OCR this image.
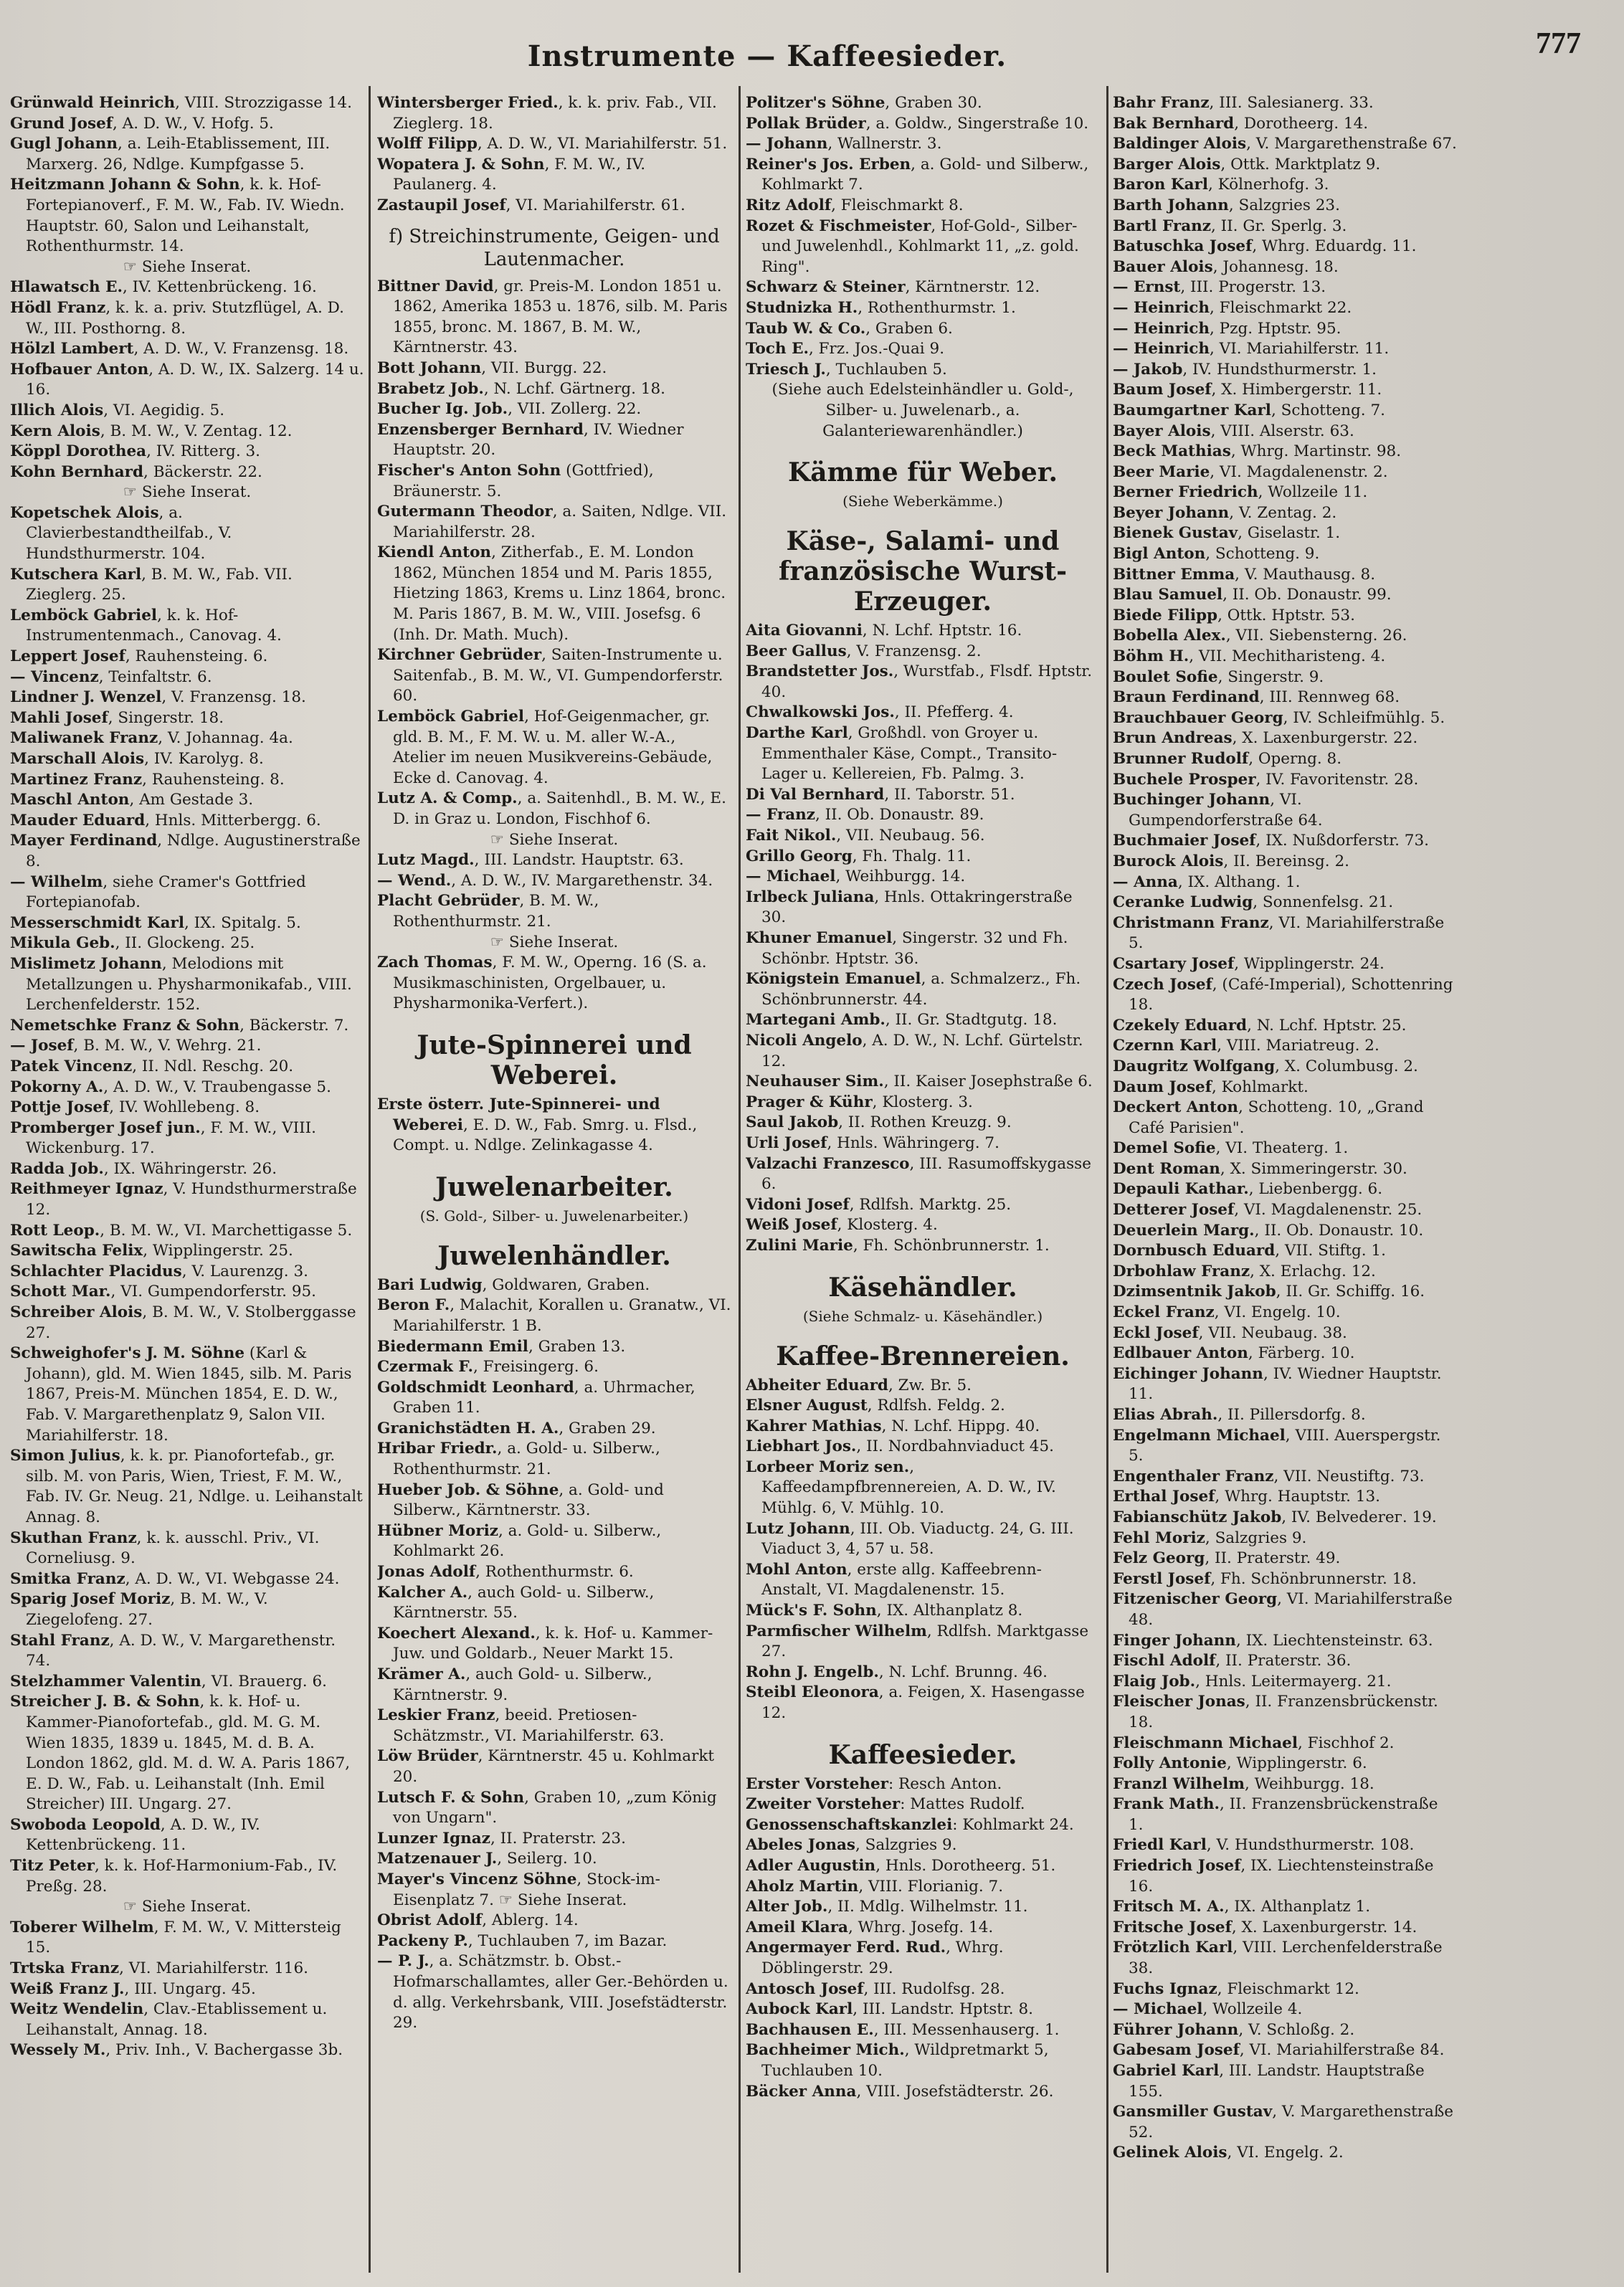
Instrumente — Kaffeesieder.	777
Grünwald Heinrich, VIII. Strozzigasse 14.
Grund Josef, A. D. W., V. Hofg. 5.
Gugl Johann, a. Leih-Etablissement, III. Marxerg. 26, Ndlge. Kumpfgasse 5.
Heitzmann Johann & Sohn, k. k. Hof-Fortepianoverf., F. M. W., Fab. IV. Wiedn. Hauptstr. 60, Salon und Leihanstalt, Rothenthurmstr. 14.
☞ Siehe Inserat.
Hlawatsch E., IV. Kettenbrückeng. 16.
Hödl Franz, k. k. a. priv. Stutzflügel, A. D. W., III. Posthorng. 8.
Hölzl Lambert, A. D. W., V. Franzensg. 18.
Hofbauer Anton, A. D. W., IX. Salzerg. 14 u. 16.
Illich Alois, VI. Aegidig. 5.
Kern Alois, B. M. W., V. Zentag. 12.
Köppl Dorothea, IV. Ritterg. 3.
Kohn Bernhard, Bäckerstr. 22.
☞ Siehe Inserat.
Kopetschek Alois, a. Clavierbestandtheilfab., V. Hundsthurmerstr. 104.
Kutschera Karl, B. M. W., Fab. VII. Zieglerg. 25.
Lemböck Gabriel, k. k. Hof-Instrumentenmach., Canovag. 4.
Leppert Josef, Rauhensteing. 6.
— Vincenz, Teinfaltstr. 6.
Lindner J. Wenzel, V. Franzensg. 18.
Mahli Josef, Singerstr. 18.
Maliwanek Franz, V. Johannag. 4a.
Marschall Alois, IV. Karolyg. 8.
Martinez Franz, Rauhensteing. 8.
Maschl Anton, Am Gestade 3.
Mauder Eduard, Hnls. Mitterbergg. 6.
Mayer Ferdinand, Ndlge. Augustinerstraße 8.
— Wilhelm, siehe Cramer's Gottfried Fortepianofab.
Messerschmidt Karl, IX. Spitalg. 5.
Mikula Geb., II. Glockeng. 25.
Mislimetz Johann, Melodions mit Metallzungen u. Physharmonikafab., VIII. Lerchenfelderstr. 152.
Nemetschke Franz & Sohn, Bäckerstr. 7.
— Josef, B. M. W., V. Wehrg. 21.
Patek Vincenz, II. Ndl. Reschg. 20.
Pokorny A., A. D. W., V. Traubengasse 5.
Pottje Josef, IV. Wohllebeng. 8.
Promberger Josef jun., F. M. W., VIII. Wickenburg. 17.
Radda Job., IX. Währingerstr. 26.
Reithmeyer Ignaz, V. Hundsthurmerstraße 12.
Rott Leop., B. M. W., VI. Marchettigasse 5.
Sawitscha Felix, Wipplingerstr. 25.
Schlachter Placidus, V. Laurenzg. 3.
Schott Mar., VI. Gumpendorferstr. 95.
Schreiber Alois, B. M. W., V. Stolberggasse 27.
Schweighofer's J. M. Söhne (Karl & Johann), gld. M. Wien 1845, silb. M. Paris 1867, Preis-M. München 1854, E. D. W., Fab. V. Margarethenplatz 9, Salon VII. Mariahilferstr. 18.
Simon Julius, k. k. pr. Pianofortefab., gr. silb. M. von Paris, Wien, Triest, F. M. W., Fab. IV. Gr. Neug. 21, Ndlge. u. Leihanstalt Annag. 8.
Skuthan Franz, k. k. ausschl. Priv., VI. Corneliusg. 9.
Smitka Franz, A. D. W., VI. Webgasse 24.
Sparig Josef Moriz, B. M. W., V. Ziegelofeng. 27.
Stahl Franz, A. D. W., V. Margarethenstr. 74.
Stelzhammer Valentin, VI. Brauerg. 6.
Streicher J. B. & Sohn, k. k. Hof- u. Kammer-Pianofortefab., gld. M. G. M. Wien 1835, 1839 u. 1845, M. d. B. A. London 1862, gld. M. d. W. A. Paris 1867, E. D. W., Fab. u. Leihanstalt (Inh. Emil Streicher) III. Ungarg. 27.
Swoboda Leopold, A. D. W., IV. Kettenbrückeng. 11.
Titz Peter, k. k. Hof-Harmonium-Fab., IV. Preßg. 28.
☞ Siehe Inserat.
Toberer Wilhelm, F. M. W., V. Mittersteig 15.
Trtska Franz, VI. Mariahilferstr. 116.
Weiß Franz J., III. Ungarg. 45.
Weitz Wendelin, Clav.-Etablissement u. Leihanstalt, Annag. 18.
Wessely M., Priv. Inh., V. Bachergasse 3b.
Wintersberger Fried., k. k. priv. Fab., VII. Zieglerg. 18.
Wolff Filipp, A. D. W., VI. Mariahilferstr. 51.
Wopatera J. & Sohn, F. M. W., IV. Paulanerg. 4.
Zastaupil Josef, VI. Mariahilferstr. 61.
f) Streichinstrumente, Geigen- und Lautenmacher.
Bittner David, gr. Preis-M. London 1851 u. 1862, Amerika 1853 u. 1876, silb. M. Paris 1855, bronc. M. 1867, B. M. W., Kärntnerstr. 43.
Bott Johann, VII. Burgg. 22.
Brabetz Job., N. Lchf. Gärtnerg. 18.
Bucher Ig. Job., VII. Zollerg. 22.
Enzensberger Bernhard, IV. Wiedner Hauptstr. 20.
Fischer's Anton Sohn (Gottfried), Bräunerstr. 5.
Gutermann Theodor, a. Saiten, Ndlge. VII. Mariahilferstr. 28.
Kiendl Anton, Zitherfab., E. M. London 1862, München 1854 und M. Paris 1855, Hietzing 1863, Krems u. Linz 1864, bronc. M. Paris 1867, B. M. W., VIII. Josefsg. 6 (Inh. Dr. Math. Much).
Kirchner Gebrüder, Saiten-Instrumente u. Saitenfab., B. M. W., VI. Gumpendorferstr. 60.
Lemböck Gabriel, Hof-Geigenmacher, gr. gld. B. M., F. M. W. u. M. aller W.-A., Atelier im neuen Musikvereins-Gebäude, Ecke d. Canovag. 4.
Lutz A. & Comp., a. Saitenhdl., B. M. W., E. D. in Graz u. London, Fischhof 6.
☞ Siehe Inserat.
Lutz Magd., III. Landstr. Hauptstr. 63.
— Wend., A. D. W., IV. Margarethenstr. 34.
Placht Gebrüder, B. M. W., Rothenthurmstr. 21.
☞ Siehe Inserat.
Zach Thomas, F. M. W., Operng. 16 (S. a. Musikmaschinisten, Orgelbauer, u. Physharmonika-Verfert.).
Jute-Spinnerei und Weberei.
Erste österr. Jute-Spinnerei- und Weberei, E. D. W., Fab. Smrg. u. Flsd., Compt. u. Ndlge. Zelinkagasse 4.
Juwelenarbeiter.
(S. Gold-, Silber- u. Juwelenarbeiter.)
Juwelenhändler.
Bari Ludwig, Goldwaren, Graben.
Beron F., Malachit, Korallen u. Granatw., VI. Mariahilferstr. 1 B.
Biedermann Emil, Graben 13.
Czermak F., Freisingerg. 6.
Goldschmidt Leonhard, a. Uhrmacher, Graben 11.
Granichstädten H. A., Graben 29.
Hribar Friedr., a. Gold- u. Silberw., Rothenthurmstr. 21.
Hueber Job. & Söhne, a. Gold- und Silberw., Kärntnerstr. 33.
Hübner Moriz, a. Gold- u. Silberw., Kohlmarkt 26.
Jonas Adolf, Rothenthurmstr. 6.
Kalcher A., auch Gold- u. Silberw., Kärntnerstr. 55.
Koechert Alexand., k. k. Hof- u. Kammer-Juw. und Goldarb., Neuer Markt 15.
Krämer A., auch Gold- u. Silberw., Kärntnerstr. 9.
Leskier Franz, beeid. Pretiosen-Schätzmstr., VI. Mariahilferstr. 63.
Löw Brüder, Kärntnerstr. 45 u. Kohlmarkt 20.
Lutsch F. & Sohn, Graben 10, „zum König von Ungarn".
Lunzer Ignaz, II. Praterstr. 23.
Matzenauer J., Seilerg. 10.
Mayer's Vincenz Söhne, Stock-im-Eisenplatz 7. ☞ Siehe Inserat.
Obrist Adolf, Ablerg. 14.
Packeny P., Tuchlauben 7, im Bazar.
— P. J., a. Schätzmstr. b. Obst.-Hofmarschallamtes, aller Ger.-Behörden u. d. allg. Verkehrsbank, VIII. Josefstädterstr. 29.
Politzer's Söhne, Graben 30.
Pollak Brüder, a. Goldw., Singerstraße 10.
— Johann, Wallnerstr. 3.
Reiner's Jos. Erben, a. Gold- und Silberw., Kohlmarkt 7.
Ritz Adolf, Fleischmarkt 8.
Rozet & Fischmeister, Hof-Gold-, Silber- und Juwelenhdl., Kohlmarkt 11, „z. gold. Ring".
Schwarz & Steiner, Kärntnerstr. 12.
Studnizka H., Rothenthurmstr. 1.
Taub W. & Co., Graben 6.
Toch E., Frz. Jos.-Quai 9.
Triesch J., Tuchlauben 5.
(Siehe auch Edelsteinhändler u. Gold-, Silber- u. Juwelenarb., a. Galanteriewarenhändler.)
Kämme für Weber.
(Siehe Weberkämme.)
Käse-, Salami- und französische Wurst-Erzeuger.
Aita Giovanni, N. Lchf. Hptstr. 16.
Beer Gallus, V. Franzensg. 2.
Brandstetter Jos., Wurstfab., Flsdf. Hptstr. 40.
Chwalkowski Jos., II. Pfefferg. 4.
Darthe Karl, Großhdl. von Groyer u. Emmenthaler Käse, Compt., Transito-Lager u. Kellereien, Fb. Palmg. 3.
Di Val Bernhard, II. Taborstr. 51.
— Franz, II. Ob. Donaustr. 89.
Fait Nikol., VII. Neubaug. 56.
Grillo Georg, Fh. Thalg. 11.
— Michael, Weihburgg. 14.
Irlbeck Juliana, Hnls. Ottakringerstraße 30.
Khuner Emanuel, Singerstr. 32 und Fh. Schönbr. Hptstr. 36.
Königstein Emanuel, a. Schmalzerz., Fh. Schönbrunnerstr. 44.
Martegani Amb., II. Gr. Stadtgutg. 18.
Nicoli Angelo, A. D. W., N. Lchf. Gürtelstr. 12.
Neuhauser Sim., II. Kaiser Josephstraße 6.
Prager & Kühr, Klosterg. 3.
Saul Jakob, II. Rothen Kreuzg. 9.
Urli Josef, Hnls. Währingerg. 7.
Valzachi Franzesco, III. Rasumoffskygasse 6.
Vidoni Josef, Rdlfsh. Marktg. 25.
Weiß Josef, Klosterg. 4.
Zulini Marie, Fh. Schönbrunnerstr. 1.
Käsehändler.
(Siehe Schmalz- u. Käsehändler.)
Kaffee-Brennereien.
Abheiter Eduard, Zw. Br. 5.
Elsner August, Rdlfsh. Feldg. 2.
Kahrer Mathias, N. Lchf. Hippg. 40.
Liebhart Jos., II. Nordbahnviaduct 45.
Lorbeer Moriz sen., Kaffeedampfbrennereien, A. D. W., IV. Mühlg. 6, V. Mühlg. 10.
Lutz Johann, III. Ob. Viaductg. 24, G. III. Viaduct 3, 4, 57 u. 58.
Mohl Anton, erste allg. Kaffeebrenn-Anstalt, VI. Magdalenenstr. 15.
Mück's F. Sohn, IX. Althanplatz 8.
Parmfischer Wilhelm, Rdlfsh. Marktgasse 27.
Rohn J. Engelb., N. Lchf. Brunng. 46.
Steibl Eleonora, a. Feigen, X. Hasengasse 12.
Kaffeesieder.
Erster Vorsteher: Resch Anton.
Zweiter Vorsteher: Mattes Rudolf.
Genossenschaftskanzlei: Kohlmarkt 24.
Abeles Jonas, Salzgries 9.
Adler Augustin, Hnls. Dorotheerg. 51.
Aholz Martin, VIII. Florianig. 7.
Alter Job., II. Mdlg. Wilhelmstr. 11.
Ameil Klara, Whrg. Josefg. 14.
Angermayer Ferd. Rud., Whrg. Döblingerstr. 29.
Antosch Josef, III. Rudolfsg. 28.
Aubock Karl, III. Landstr. Hptstr. 8.
Bachhausen E., III. Messenhauserg. 1.
Bachheimer Mich., Wildpretmarkt 5, Tuchlauben 10.
Bäcker Anna, VIII. Josefstädterstr. 26.
Bahr Franz, III. Salesianerg. 33.
Bak Bernhard, Dorotheerg. 14.
Baldinger Alois, V. Margarethenstraße 67.
Barger Alois, Ottk. Marktplatz 9.
Baron Karl, Kölnerhofg. 3.
Barth Johann, Salzgries 23.
Bartl Franz, II. Gr. Sperlg. 3.
Batuschka Josef, Whrg. Eduardg. 11.
Bauer Alois, Johannesg. 18.
— Ernst, III. Progerstr. 13.
— Heinrich, Fleischmarkt 22.
— Heinrich, Pzg. Hptstr. 95.
— Heinrich, VI. Mariahilferstr. 11.
— Jakob, IV. Hundsthurmerstr. 1.
Baum Josef, X. Himbergerstr. 11.
Baumgartner Karl, Schotteng. 7.
Bayer Alois, VIII. Alserstr. 63.
Beck Mathias, Whrg. Martinstr. 98.
Beer Marie, VI. Magdalenenstr. 2.
Berner Friedrich, Wollzeile 11.
Beyer Johann, V. Zentag. 2.
Bienek Gustav, Giselastr. 1.
Bigl Anton, Schotteng. 9.
Bittner Emma, V. Mauthausg. 8.
Blau Samuel, II. Ob. Donaustr. 99.
Biede Filipp, Ottk. Hptstr. 53.
Bobella Alex., VII. Siebensterng. 26.
Böhm H., VII. Mechitharisteng. 4.
Boulet Sofie, Singerstr. 9.
Braun Ferdinand, III. Rennweg 68.
Brauchbauer Georg, IV. Schleifmühlg. 5.
Brun Andreas, X. Laxenburgerstr. 22.
Brunner Rudolf, Operng. 8.
Buchele Prosper, IV. Favoritenstr. 28.
Buchinger Johann, VI. Gumpendorferstraße 64.
Buchmaier Josef, IX. Nußdorferstr. 73.
Burock Alois, II. Bereinsg. 2.
— Anna, IX. Althang. 1.
Ceranke Ludwig, Sonnenfelsg. 21.
Christmann Franz, VI. Mariahilferstraße 5.
Csartary Josef, Wipplingerstr. 24.
Czech Josef, (Café-Imperial), Schottenring 18.
Czekely Eduard, N. Lchf. Hptstr. 25.
Czernn Karl, VIII. Mariatreug. 2.
Daugritz Wolfgang, X. Columbusg. 2.
Daum Josef, Kohlmarkt.
Deckert Anton, Schotteng. 10, „Grand Café Parisien".
Demel Sofie, VI. Theaterg. 1.
Dent Roman, X. Simmeringerstr. 30.
Depauli Kathar., Liebenbergg. 6.
Detterer Josef, VI. Magdalenenstr. 25.
Deuerlein Marg., II. Ob. Donaustr. 10.
Dornbusch Eduard, VII. Stiftg. 1.
Drbohlaw Franz, X. Erlachg. 12.
Dzimsentnik Jakob, II. Gr. Schiffg. 16.
Eckel Franz, VI. Engelg. 10.
Eckl Josef, VII. Neubaug. 38.
Edlbauer Anton, Färberg. 10.
Eichinger Johann, IV. Wiedner Hauptstr. 11.
Elias Abrah., II. Pillersdorfg. 8.
Engelmann Michael, VIII. Auerspergstr. 5.
Engenthaler Franz, VII. Neustiftg. 73.
Erthal Josef, Whrg. Hauptstr. 13.
Fabianschütz Jakob, IV. Belvederег. 19.
Fehl Moriz, Salzgries 9.
Felz Georg, II. Praterstr. 49.
Ferstl Josef, Fh. Schönbrunnerstr. 18.
Fitzenischer Georg, VI. Mariahilferstraße 48.
Finger Johann, IX. Liechtensteinstr. 63.
Fischl Adolf, II. Praterstr. 36.
Flaig Job., Hnls. Leitermayerg. 21.
Fleischer Jonas, II. Franzensbrückenstr. 18.
Fleischmann Michael, Fischhof 2.
Folly Antonie, Wipplingerstr. 6.
Franzl Wilhelm, Weihburgg. 18.
Frank Math., II. Franzensbrückenstraße 1.
Friedl Karl, V. Hundsthurmerstr. 108.
Friedrich Josef, IX. Liechtensteinstraße 16.
Fritsch M. A., IX. Althanplatz 1.
Fritsche Josef, X. Laxenburgerstr. 14.
Frötzlich Karl, VIII. Lerchenfelderstraße 38.
Fuchs Ignaz, Fleischmarkt 12.
— Michael, Wollzeile 4.
Führer Johann, V. Schloßg. 2.
Gabesam Josef, VI. Mariahilferstraße 84.
Gabriel Karl, III. Landstr. Hauptstraße 155.
Gansmiller Gustav, V. Margarethenstraße 52.
Gelinek Alois, VI. Engelg. 2.
